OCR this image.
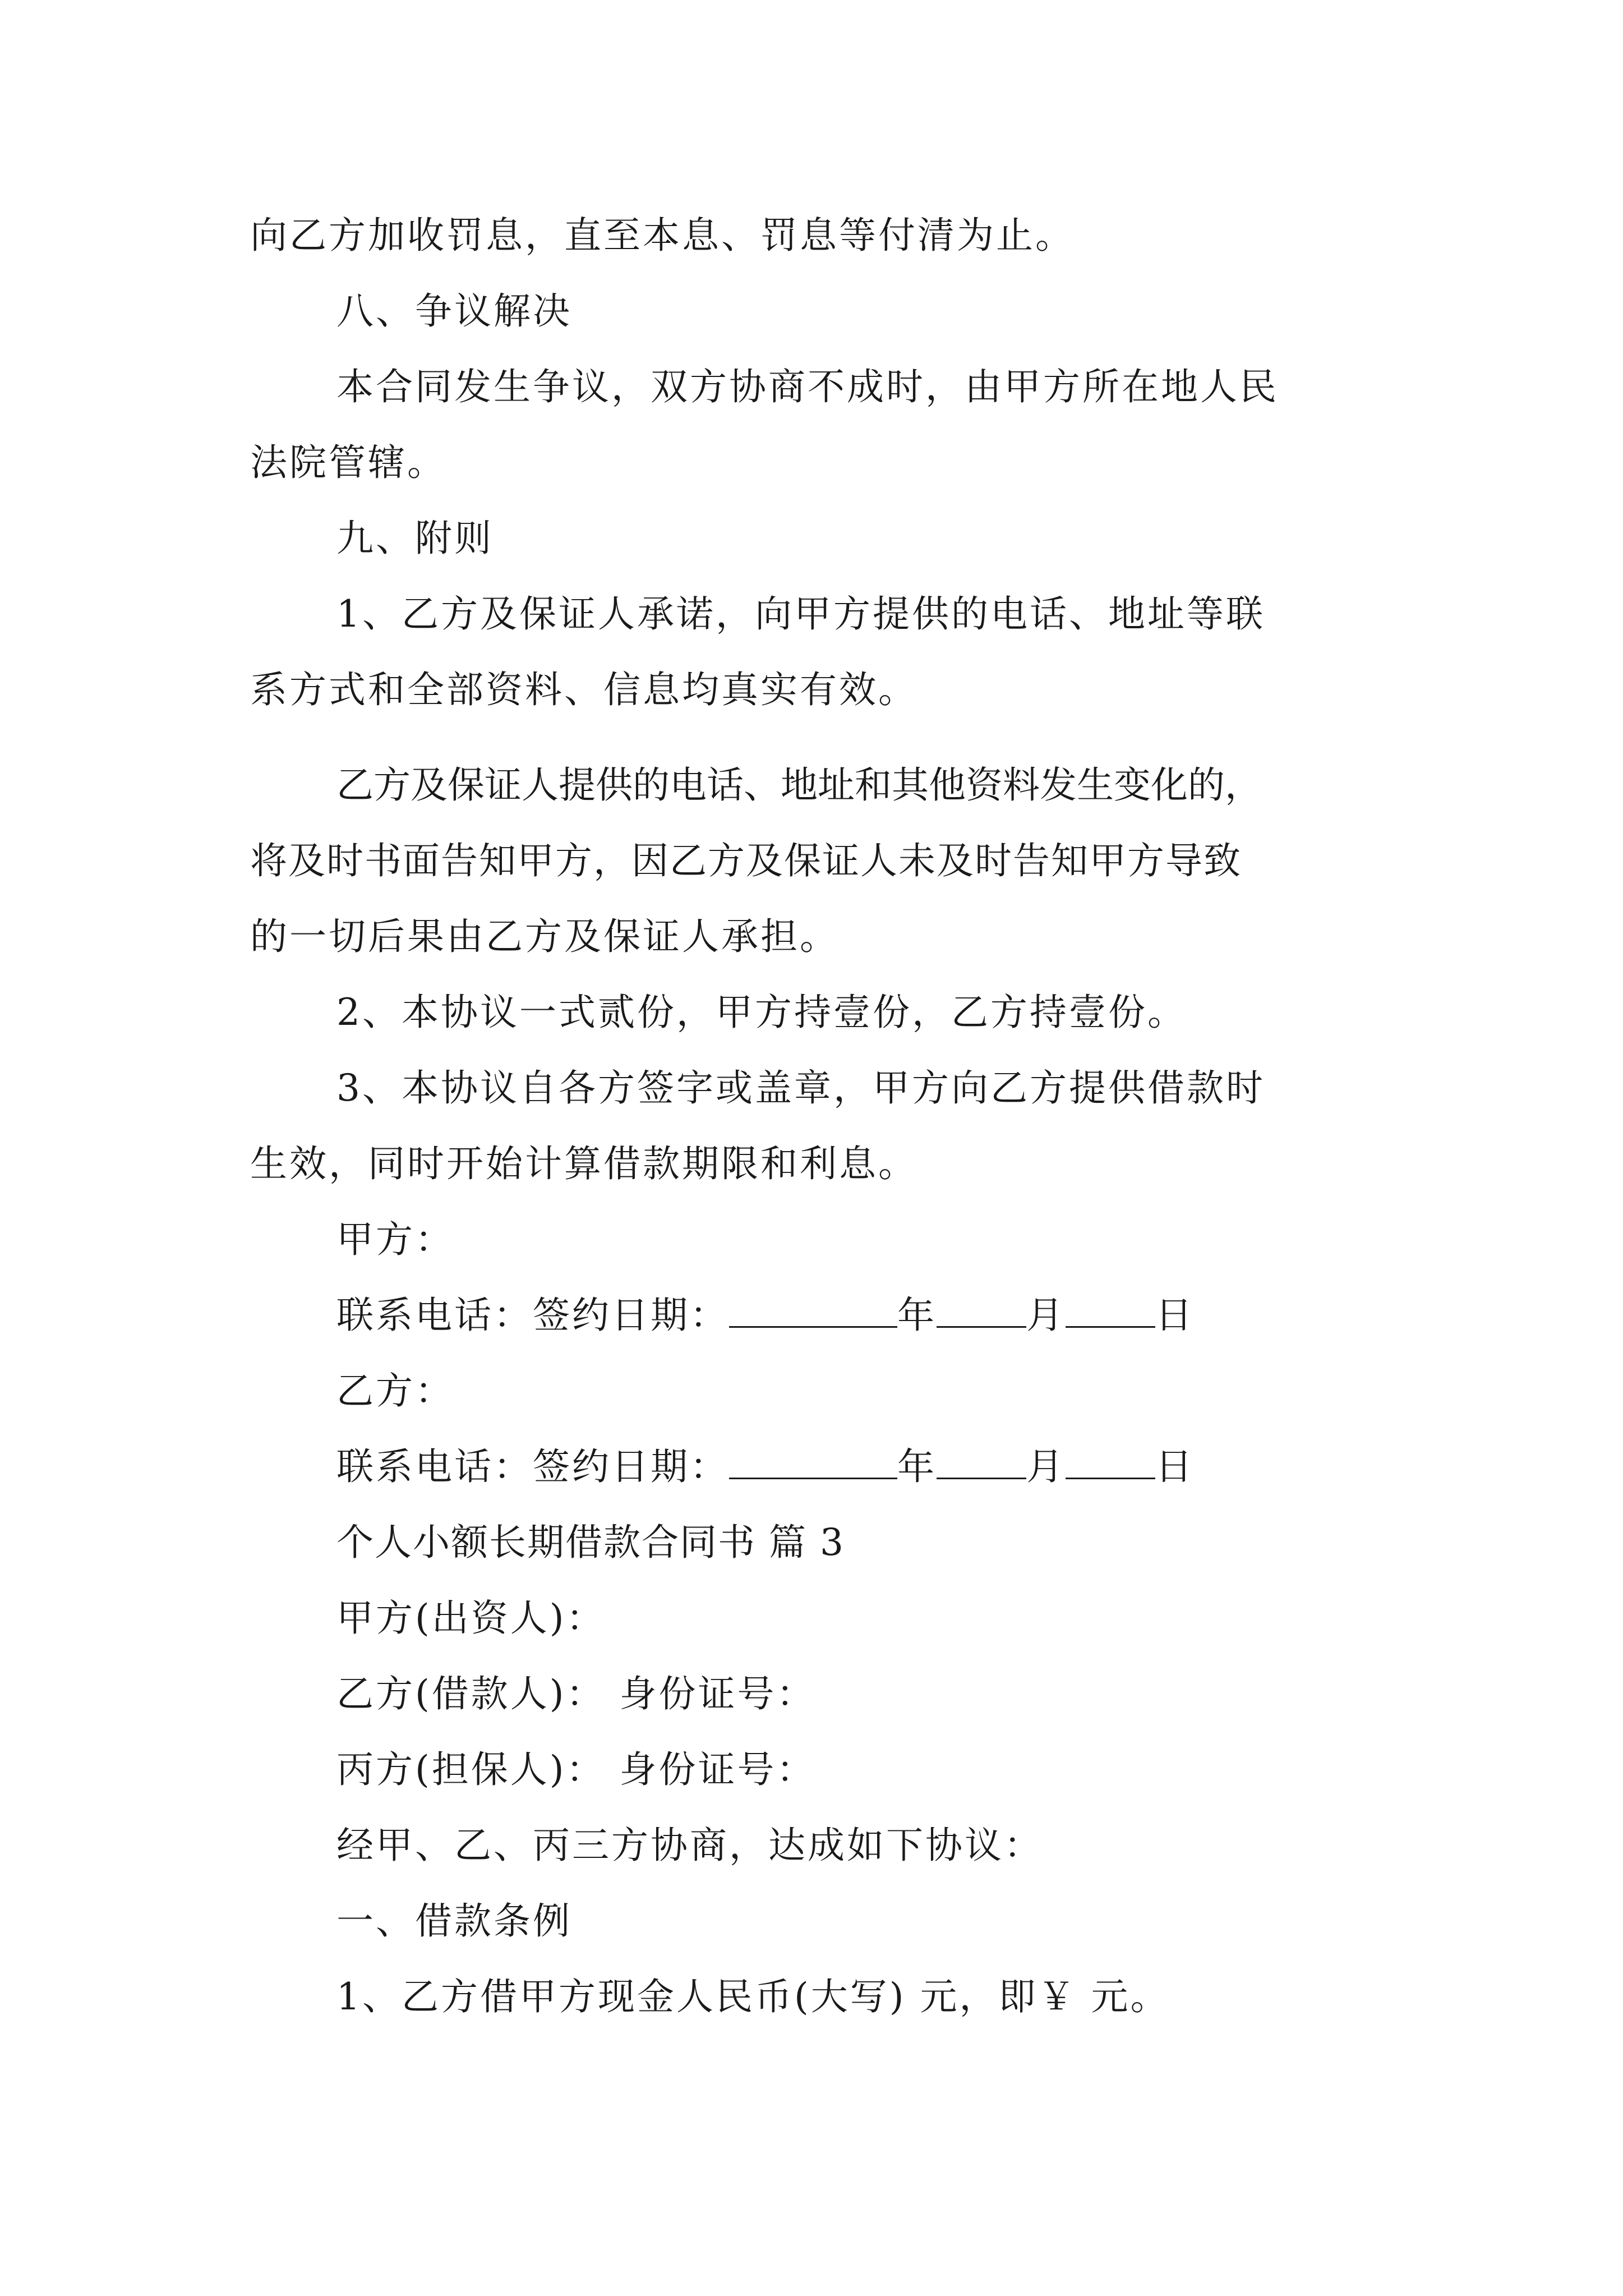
向乙方加收罚息，直至本息、罚息等付清为止。
八、争议解决
本合同发生争议，双方协商不成时，由甲方所在地人民
法院管辖。
九、附则
1、乙方及保证人承诺，向甲方提供的电话、地址等联
系方式和全部资料、信息均真实有效。
乙方及保证人提供的电话、地址和其他资料发生变化的，
将及时书面告知甲方，因乙方及保证人未及时告知甲方导致
的一切后果由乙方及保证人承担。
2、本协议一式贰份，甲方持壹份，乙方持壹份。
3、本协议自各方签字或盖章，甲方向乙方提供借款时
生效，同时开始计算借款期限和利息。
甲方：
联系电话：签约日期：	年 月 日
乙方：
联系电话：签约日期：	年 月 日
个人小额长期借款合同书 篇 3
甲方(出资人)：
乙方(借款人)： 身份证号：
丙方(担保人)： 身份证号：
经甲、乙、丙三方协商，达成如下协议：
一、借款条例
1、乙方借甲方现金人民币(大写) 元，即￥ 元。
